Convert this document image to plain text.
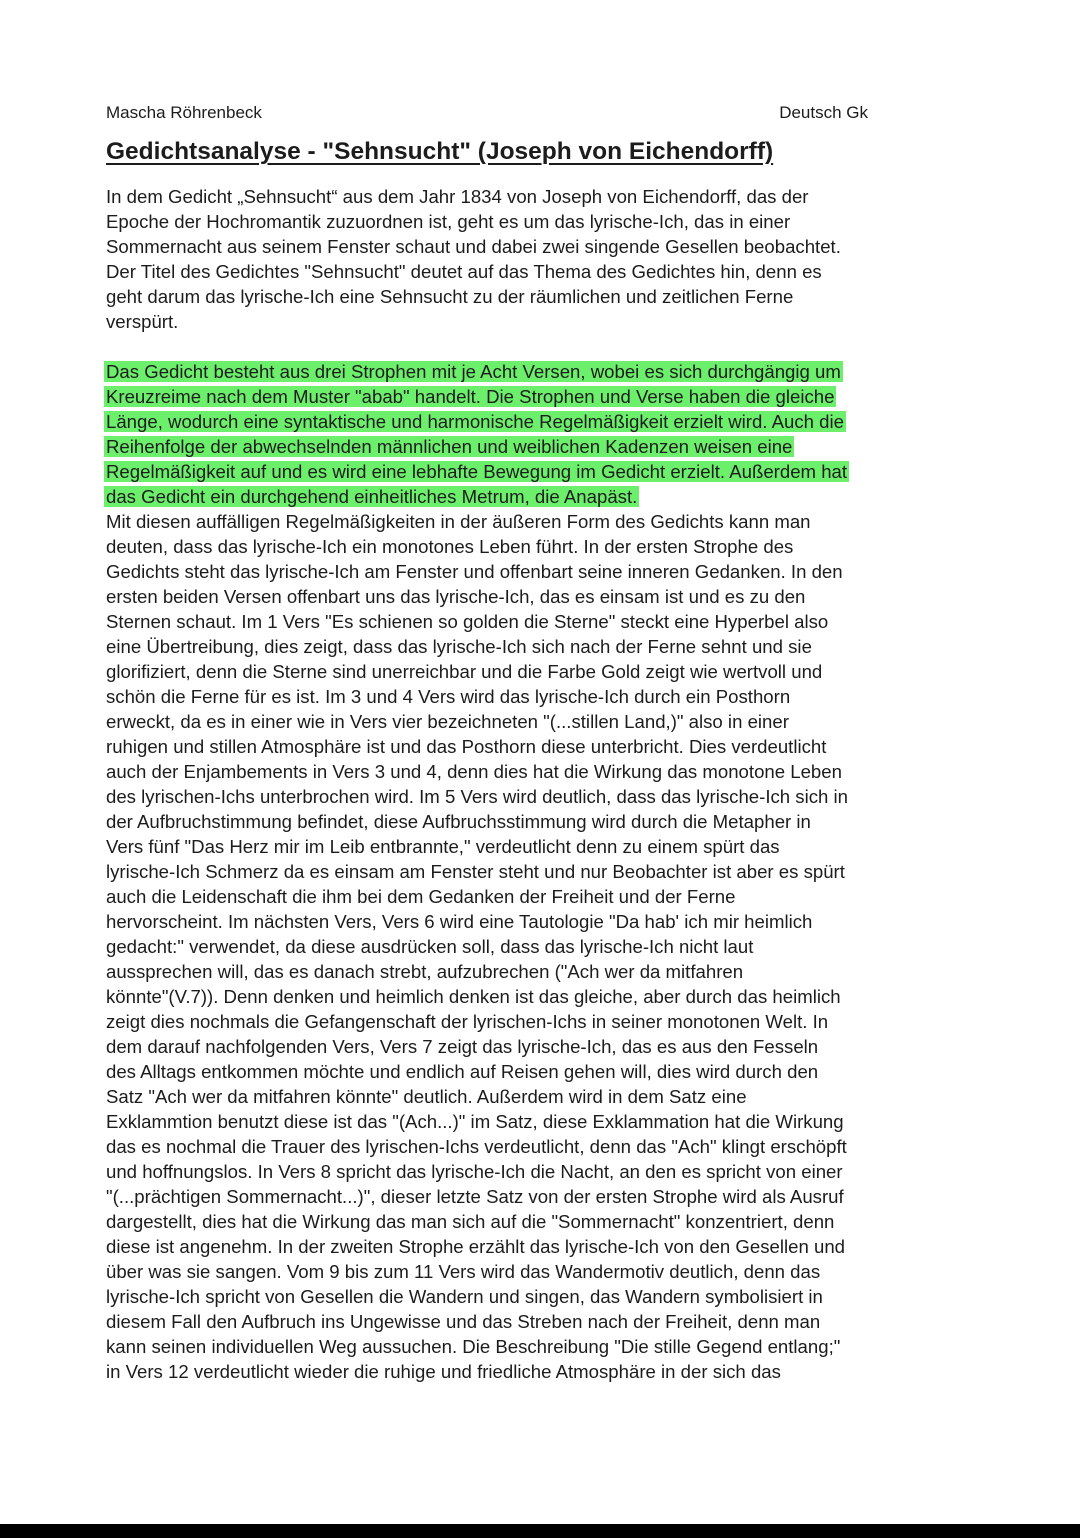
Mascha Röhrenbeck	Deutsch Gk
Gedichtsanalyse - "Sehnsucht" (Joseph von Eichendorff)
In dem Gedicht „Sehnsucht“ aus dem Jahr 1834 von Joseph von Eichendorff, das der
Epoche der Hochromantik zuzuordnen ist, geht es um das lyrische-Ich, das in einer
Sommernacht aus seinem Fenster schaut und dabei zwei singende Gesellen beobachtet.
Der Titel des Gedichtes "Sehnsucht" deutet auf das Thema des Gedichtes hin, denn es
geht darum das lyrische-Ich eine Sehnsucht zu der räumlichen und zeitlichen Ferne
verspürt.
Das Gedicht besteht aus drei Strophen mit je Acht Versen, wobei es sich durchgängig um
Kreuzreime nach dem Muster "abab" handelt. Die Strophen und Verse haben die gleiche
Länge, wodurch eine syntaktische und harmonische Regelmäßigkeit erzielt wird. Auch die
Reihenfolge der abwechselnden männlichen und weiblichen Kadenzen weisen eine
Regelmäßigkeit auf und es wird eine lebhafte Bewegung im Gedicht erzielt. Außerdem hat
das Gedicht ein durchgehend einheitliches Metrum, die Anapäst.
Mit diesen auffälligen Regelmäßigkeiten in der äußeren Form des Gedichts kann man
deuten, dass das lyrische-Ich ein monotones Leben führt. In der ersten Strophe des
Gedichts steht das lyrische-Ich am Fenster und offenbart seine inneren Gedanken. In den
ersten beiden Versen offenbart uns das lyrische-Ich, das es einsam ist und es zu den
Sternen schaut. Im 1 Vers "Es schienen so golden die Sterne" steckt eine Hyperbel also
eine Übertreibung, dies zeigt, dass das lyrische-Ich sich nach der Ferne sehnt und sie
glorifiziert, denn die Sterne sind unerreichbar und die Farbe Gold zeigt wie wertvoll und
schön die Ferne für es ist. Im 3 und 4 Vers wird das lyrische-Ich durch ein Posthorn
erweckt, da es in einer wie in Vers vier bezeichneten "(...stillen Land,)" also in einer
ruhigen und stillen Atmosphäre ist und das Posthorn diese unterbricht. Dies verdeutlicht
auch der Enjambements in Vers 3 und 4, denn dies hat die Wirkung das monotone Leben
des lyrischen-Ichs unterbrochen wird. Im 5 Vers wird deutlich, dass das lyrische-Ich sich in
der Aufbruchstimmung befindet, diese Aufbruchsstimmung wird durch die Metapher in
Vers fünf "Das Herz mir im Leib entbrannte," verdeutlicht denn zu einem spürt das
lyrische-Ich Schmerz da es einsam am Fenster steht und nur Beobachter ist aber es spürt
auch die Leidenschaft die ihm bei dem Gedanken der Freiheit und der Ferne
hervorscheint. Im nächsten Vers, Vers 6 wird eine Tautologie "Da hab' ich mir heimlich
gedacht:" verwendet, da diese ausdrücken soll, dass das lyrische-Ich nicht laut
aussprechen will, das es danach strebt, aufzubrechen ("Ach wer da mitfahren
könnte"(V.7)). Denn denken und heimlich denken ist das gleiche, aber durch das heimlich
zeigt dies nochmals die Gefangenschaft der lyrischen-Ichs in seiner monotonen Welt. In
dem darauf nachfolgenden Vers, Vers 7 zeigt das lyrische-Ich, das es aus den Fesseln
des Alltags entkommen möchte und endlich auf Reisen gehen will, dies wird durch den
Satz "Ach wer da mitfahren könnte" deutlich. Außerdem wird in dem Satz eine
Exklammtion benutzt diese ist das "(Ach...)" im Satz, diese Exklammation hat die Wirkung
das es nochmal die Trauer des lyrischen-Ichs verdeutlicht, denn das "Ach" klingt erschöpft
und hoffnungslos. In Vers 8 spricht das lyrische-Ich die Nacht, an den es spricht von einer
"(...prächtigen Sommernacht...)", dieser letzte Satz von der ersten Strophe wird als Ausruf
dargestellt, dies hat die Wirkung das man sich auf die "Sommernacht" konzentriert, denn
diese ist angenehm. In der zweiten Strophe erzählt das lyrische-Ich von den Gesellen und
über was sie sangen. Vom 9 bis zum 11 Vers wird das Wandermotiv deutlich, denn das
lyrische-Ich spricht von Gesellen die Wandern und singen, das Wandern symbolisiert in
diesem Fall den Aufbruch ins Ungewisse und das Streben nach der Freiheit, denn man
kann seinen individuellen Weg aussuchen. Die Beschreibung "Die stille Gegend entlang;"
in Vers 12 verdeutlicht wieder die ruhige und friedliche Atmosphäre in der sich das
